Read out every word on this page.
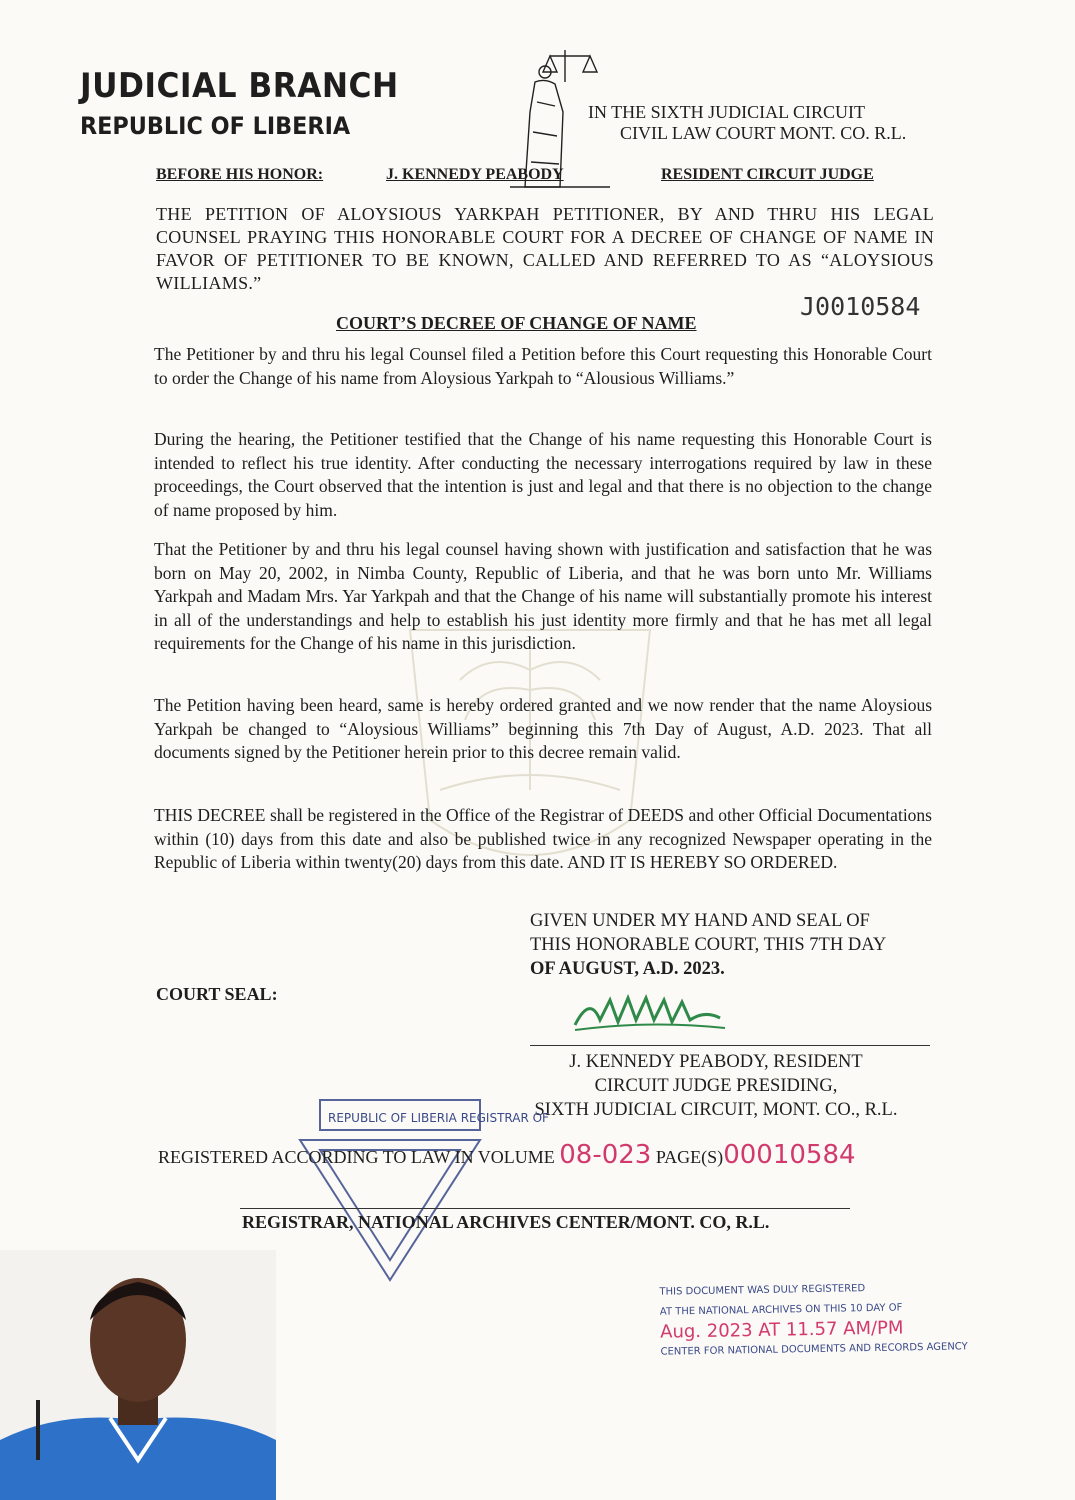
JUDICIAL BRANCH
REPUBLIC OF LIBERIA	IN THE SIXTH JUDICIAL CIRCUIT
CIVIL LAW COURT MONT. CO. R.L.
BEFORE HIS HONOR:	J. KENNEDY PEABODY	RESIDENT CIRCUIT JUDGE
THE PETITION OF ALOYSIOUS YARKPAH PETITIONER, BY AND THRU HIS LEGAL COUNSEL PRAYING THIS HONORABLE COURT FOR A DECREE OF CHANGE OF NAME IN FAVOR OF PETITIONER TO BE KNOWN, CALLED AND REFERRED TO AS “ALOYSIOUS WILLIAMS.”
J0010584
COURT’S DECREE OF CHANGE OF NAME
The Petitioner by and thru his legal Counsel filed a Petition before this Court requesting this Honorable Court to order the Change of his name from Aloysious Yarkpah to “Alousious Williams.”
During the hearing, the Petitioner testified that the Change of his name requesting this Honorable Court is intended to reflect his true identity. After conducting the necessary interrogations required by law in these proceedings, the Court observed that the intention is just and legal and that there is no objection to the change of name proposed by him.
That the Petitioner by and thru his legal counsel having shown with justification and satisfaction that he was born on May 20, 2002, in Nimba County, Republic of Liberia, and that he was born unto Mr. Williams Yarkpah and Madam Mrs. Yar Yarkpah and that the Change of his name will substantially promote his interest in all of the understandings and help to establish his just identity more firmly and that he has met all legal requirements for the Change of his name in this jurisdiction.
The Petition having been heard, same is hereby ordered granted and we now render that the name Aloysious Yarkpah be changed to “Aloysious Williams” beginning this 7th Day of August, A.D. 2023. That all documents signed by the Petitioner herein prior to this decree remain valid.
THIS DECREE shall be registered in the Office of the Registrar of DEEDS and other Official Documentations within (10) days from this date and also be published twice in any recognized Newspaper operating in the Republic of Liberia within twenty(20) days from this date. AND IT IS HEREBY SO ORDERED.
GIVEN UNDER MY HAND AND SEAL OF
THIS HONORABLE COURT, THIS 7TH DAY
OF AUGUST, A.D. 2023.
COURT SEAL:
J. KENNEDY PEABODY, RESIDENT
CIRCUIT JUDGE PRESIDING,
SIXTH JUDICIAL CIRCUIT, MONT. CO., R.L.
REPUBLIC OF LIBERIA REGISTRAR OF
REGISTERED ACCORDING TO LAW IN VOLUME 08-023 PAGE(S)00010584
REGISTRAR, NATIONAL ARCHIVES CENTER/MONT. CO, R.L.
THIS DOCUMENT WAS DULY REGISTERED
AT THE NATIONAL ARCHIVES ON THIS 10 DAY OF
Aug. 2023 AT 11.57 AM/PM
CENTER FOR NATIONAL DOCUMENTS AND RECORDS AGENCY
